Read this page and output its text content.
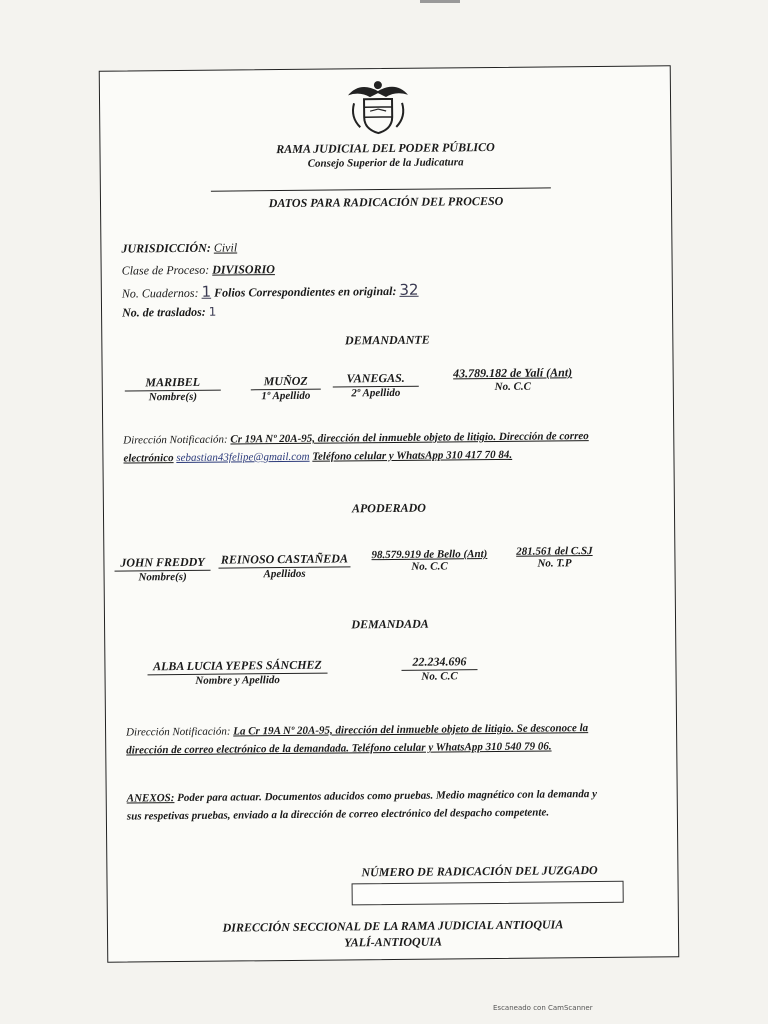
RAMA JUDICIAL DEL PODER PÚBLICO
Consejo Superior de la Judicatura
DATOS PARA RADICACIÓN DEL PROCESO
JURISDICCIÓN: Civil
Clase de Proceso: DIVISORIO
No. Cuadernos: 1 Folios Correspondientes en original: 32
No. de traslados: 1
DEMANDANTE
MARIBEL
Nombre(s)
MUÑOZ
1º Apellido
VANEGAS.
2º Apellido
43.789.182 de Yalí (Ant)
No. C.C
Dirección Notificación: Cr 19A Nº 20A-95, dirección del inmueble objeto de litigio. Dirección de correo
electrónico sebastian43felipe@gmail.com Teléfono celular y WhatsApp 310 417 70 84.
APODERADO
JOHN FREDDY
Nombre(s)
REINOSO CASTAÑEDA
Apellidos
98.579.919 de Bello (Ant)
No. C.C
281.561 del C.SJ
No. T.P
DEMANDADA
ALBA LUCIA YEPES SÁNCHEZ
Nombre y Apellido
22.234.696
No. C.C
Dirección Notificación: La Cr 19A Nº 20A-95, dirección del inmueble objeto de litigio. Se desconoce la
dirección de correo electrónico de la demandada. Teléfono celular y WhatsApp 310 540 79 06.
ANEXOS: Poder para actuar. Documentos aducidos como pruebas. Medio magnético con la demanda y
sus respetivas pruebas, enviado a la dirección de correo electrónico del despacho competente.
NÚMERO DE RADICACIÓN DEL JUZGADO
DIRECCIÓN SECCIONAL DE LA RAMA JUDICIAL ANTIOQUIA
YALÍ-ANTIOQUIA
Escaneado con CamScanner
